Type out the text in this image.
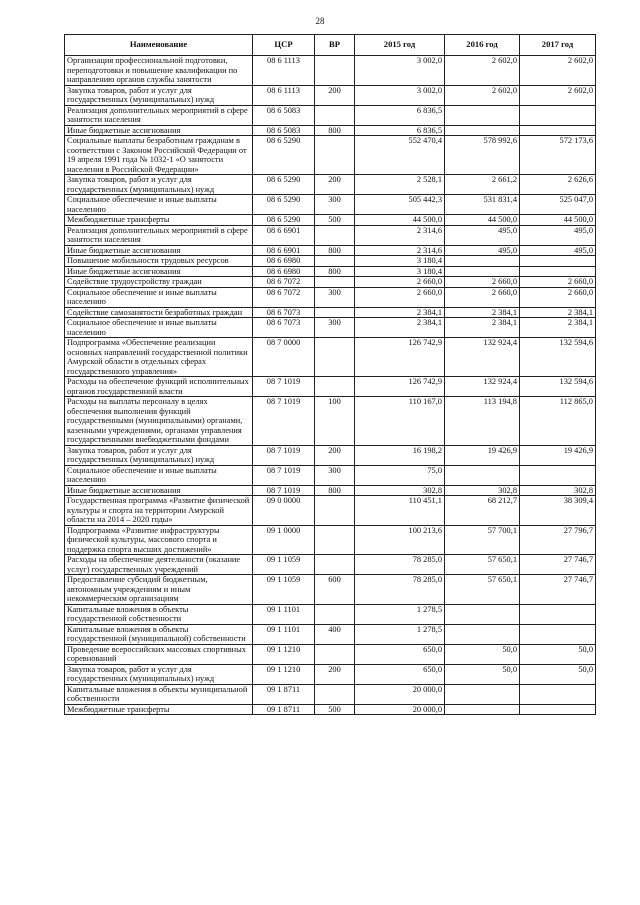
28
Наименование	ЦСР	ВР	2015 год	2016 год	2017 год
Организация профессиональной подготовки, переподготовки и повышение квалификации по направлению органов службы занятости	08 6 1113		3 002,0	2 602,0	2 602,0
Закупка товаров, работ и услуг для государственных (муниципальных) нужд	08 6 1113	200	3 002,0	2 602,0	2 602,0
Реализация дополнительных мероприятий в сфере занятости населения	08 6 5083		6 836,5		
Иные бюджетные ассигнования	08 6 5083	800	6 836,5		
Социальные выплаты безработным гражданам в соответствии с Законом Российской Федерации от 19 апреля 1991 года № 1032-1 «О занятости населения в Российской Федерации»	08 6 5290		552 470,4	578 992,6	572 173,6
Закупка товаров, работ и услуг для государственных (муниципальных) нужд	08 6 5290	200	2 528,1	2 661,2	2 626,6
Социальное обеспечение и иные выплаты населению	08 6 5290	300	505 442,3	531 831,4	525 047,0
Межбюджетные трансферты	08 6 5290	500	44 500,0	44 500,0	44 500,0
Реализация дополнительных мероприятий в сфере занятости населения	08 6 6901		2 314,6	495,0	495,0
Иные бюджетные ассигнования	08 6 6901	800	2 314,6	495,0	495,0
Повышение мобильности трудовых ресурсов	08 6 6980		3 180,4		
Иные бюджетные ассигнования	08 6 6980	800	3 180,4		
Содействие трудоустройству граждан	08 6 7072		2 660,0	2 660,0	2 660,0
Социальное обеспечение и иные выплаты населению	08 6 7072	300	2 660,0	2 660,0	2 660,0
Содействие самозанятости безработных граждан	08 6 7073		2 384,1	2 384,1	2 384,1
Социальное обеспечение и иные выплаты населению	08 6 7073	300	2 384,1	2 384,1	2 384,1
Подпрограмма «Обеспечение реализации основных направлений государственной политики Амурской области в отдельных сферах государственного управления»	08 7 0000		126 742,9	132 924,4	132 594,6
Расходы на обеспечение функций исполнительных органов государственной власти	08 7 1019		126 742,9	132 924,4	132 594,6
Расходы на выплаты персоналу в целях обеспечения выполнения функций государственными (муниципальными) органами, казенными учреждениями, органами управления государственными внебюджетными фондами	08 7 1019	100	110 167,0	113 194,8	112 865,0
Закупка товаров, работ и услуг для государственных (муниципальных) нужд	08 7 1019	200	16 198,2	19 426,9	19 426,9
Социальное обеспечение и иные выплаты населению	08 7 1019	300	75,0		
Иные бюджетные ассигнования	08 7 1019	800	302,8	302,8	302,8
Государственная программа «Развитие физической культуры и спорта на территории Амурской области на 2014 – 2020 годы»	09 0 0000		110 451,1	68 212,7	38 309,4
Подпрограмма «Развитие инфраструктуры физической культуры, массового спорта и поддержка спорта высших достижений»	09 1 0000		100 213,6	57 700,1	27 796,7
Расходы на обеспечение деятельности (оказание услуг) государственных учреждений	09 1 1059		78 285,0	57 650,1	27 746,7
Предоставление субсидий бюджетным, автономным учреждениям и иным некоммерческим организациям	09 1 1059	600	78 285,0	57 650,1	27 746,7
Капитальные вложения в объекты государственной собственности	09 1 1101		1 278,5		
Капитальные вложения в объекты государственной (муниципальной) собственности	09 1 1101	400	1 278,5		
Проведение всероссийских массовых спортивных соревнований	09 1 1210		650,0	50,0	50,0
Закупка товаров, работ и услуг для государственных (муниципальных) нужд	09 1 1210	200	650,0	50,0	50,0
Капитальные вложения в объекты муниципальной собственности	09 1 8711		20 000,0		
Межбюджетные трансферты	09 1 8711	500	20 000,0		
